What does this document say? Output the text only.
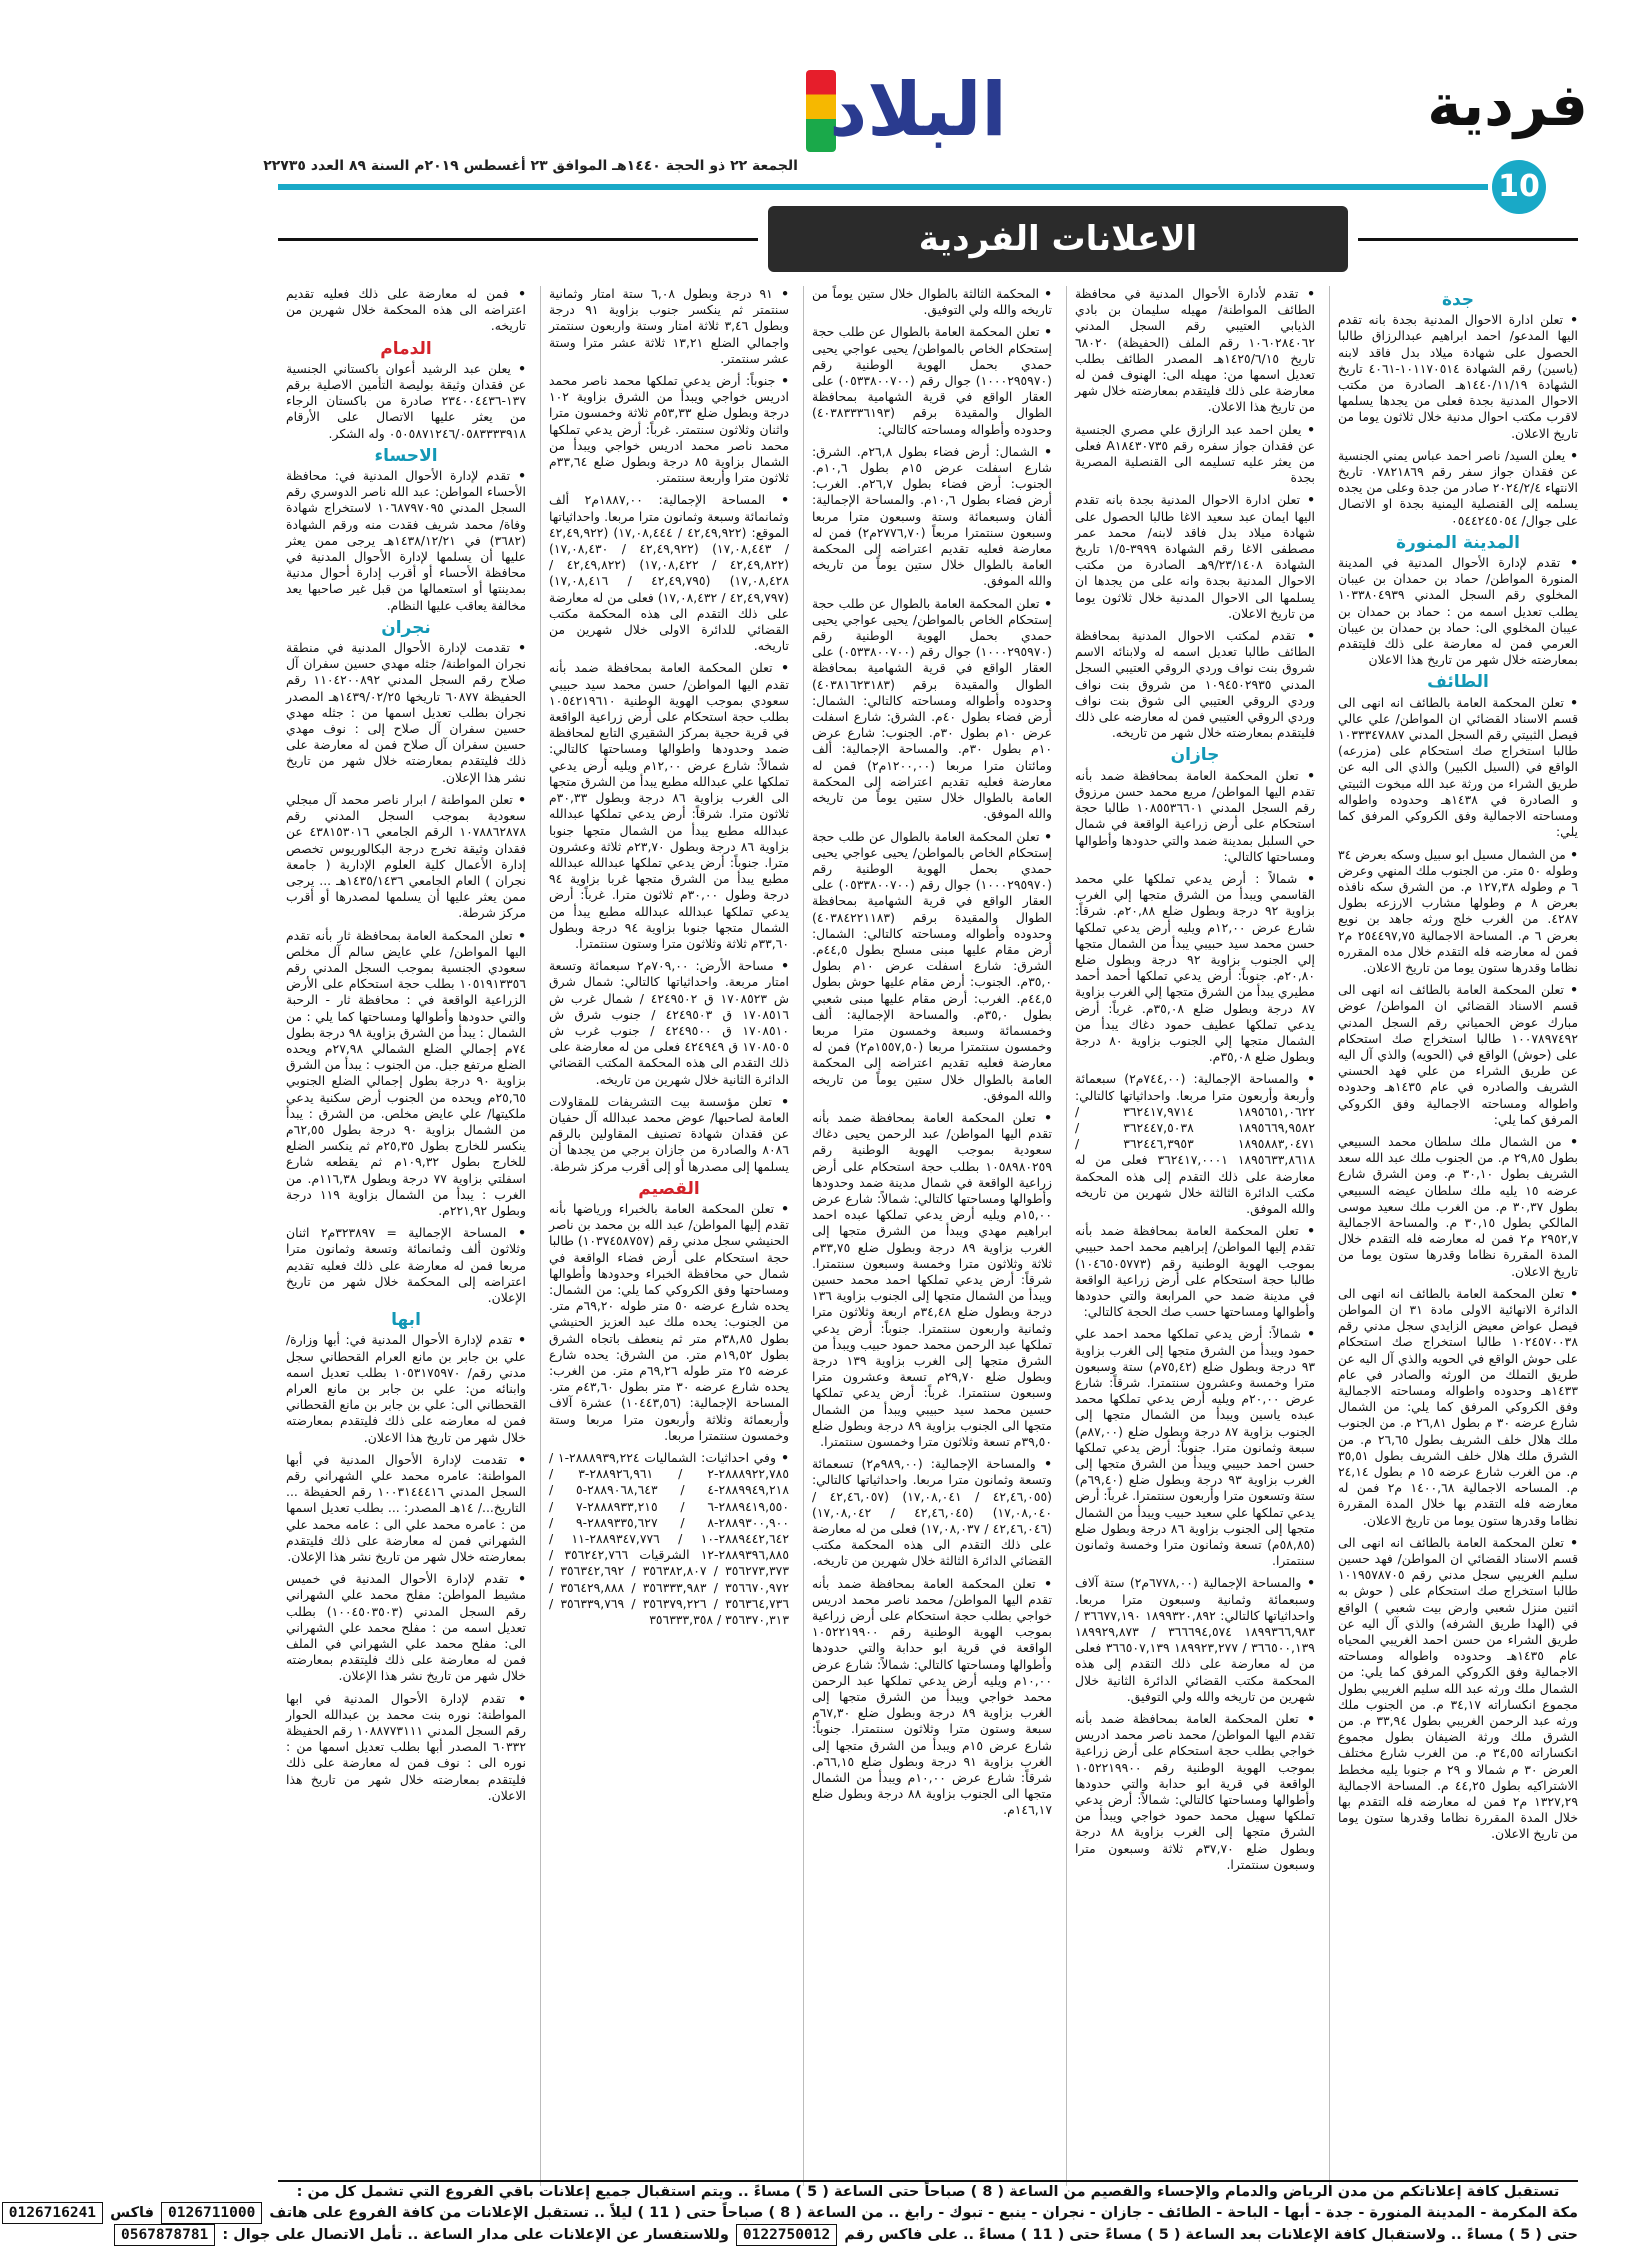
فردية
10
البلاد
الجمعة ٢٢ ذو الحجة ١٤٤٠هـ الموافق ٢٣ أغسطس ٢٠١٩م السنة ٨٩ العدد ٢٢٧٣٥
الاعلانات الفردية
جدة
• تعلن ادارة الاحوال المدنية بجدة بانه تقدم اليها المدعو/ احمد ابراهيم عبدالرزاق طالبا الحصول على شهادة ميلاد بدل فاقد لابنه (ياسين) رقم الشهادة ١٠١١٧٠٥١٤-٤٠٦١ تاريخ الشهادة ١٤٤٠/١١/١٩هـ الصادرة من مكتب الاحوال المدنية بجدة فعلى من يجدها يسلمها لاقرب مكتب احوال مدنية خلال ثلاثون يوما من تاريخ الاعلان.
• يعلن السيد/ ناصر احمد عباس يمني الجنسية عن فقدان جواز سفر رقم ٠٧٨٢١٨٦٩ تاريخ الانتهاء ٢٠٢٤/٢/٤ صادر من جدة وعلى من يجده يسلمه إلى القنصلية اليمنية بجدة او الاتصال على جوال/ ٠٥٤٤٢٤٥٠٥٤
المدينة المنورة
• تقدم لإدارة الأحوال المدنية في المدينة المنورة المواطن/ حماد بن حمدان بن عيبان المخلوي رقم السجل المدني ١٠٣٣٨٠٤٩٣٩ يطلب تعديل اسمه من : حماد بن حمدان بن عيبان المخلوي الى: حماد بن حمدان بن عيبان العرمي فمن له معارضة على ذلك فليتقدم بمعارضته خلال شهر من تاريخ هذا الاعلان
الطائف
• تعلن المحكمة العامة بالطائف انه انهى الى قسم الاسناد القضائي ان المواطن/ علي عالي فيصل الثبيتي رقم السجل المدني ١٠٣٣٣٤٧٨٨٧ طالبا استخراج صك استحكام على (مزرعه) الواقع في (السيل الكبير) والذي الى البه عن طريق الشراء من ورثة عبد الله مبخوت الثبيتي و الصادرة في ١٤٣٨هـ وحدوده واطواله ومساحته الاجمالية وفق الكروكي المرفق كما يلي:
• من الشمال مسيل ابو سبيل وسكه بعرض ٣٤ وطوله ٥٠ متر. من الجنوب ملك المنهي وعرض ٦ م وطوله ١٢٧,٣٨ م. من الشرق سكه نافذه بعرض ٨ م وطولها مشارب الارزعه بطول ٤٢٨٧. من الغرب خلج ورثه جاهد بن نويع بعرض ٦ م. المساحة الاجمالية ٢٥٤٤٩٧,٧٥ م٢ فمن له معارضه فله التقدم خلال مده المقرره نظاما وقدرها ستون يوما من تاريخ الاعلان.
• تعلن المحكمة العامة بالطائف انه انهى الى قسم الاسناد القضائي ان المواطن/ عوض مبارك عوض الحمياني رقم السجل المدني ١٠٠٧٨٩٧٤٩٢ طالبا استخراج صك استحكام على (حوش) الواقع في (الحويه) والذي آل اليه عن طريق الشراء من علي فهد الحسني الشريف والصادره في عام ١٤٣٥هـ وحدوده واطواله ومساحته الاجمالية وفق الكروكي المرفق كما يلي:
• من الشمال ملك سلطان محمد السبيعي بطول ٢٩,٨٥ م. من الجنوب ملك عبد الله سعد الشريف بطول ٣٠,١٠ م. ومن الشرق شارع عرضه ١٥ يليه ملك سلطان عيضه السبيعي بطول ٣٠,٣٧ م. من الغرب ملك سعيد موسى المالكي بطول ٣٠,١٥ م. والمساحة الاجمالية ٢٩٥٢,٧ م٢ فمن له معارضه فله التقدم خلال المدة المقررة نظاما وقدرها ستون يوما من تاريخ الاعلان.
• تعلن المحكمة العامة بالطائف انه انهى الى الدائرة الانهائية الاولى مادة ٣١ ان المواطن فيصل عواض معيض الزايدي سجل مدني رقم ١٠٢٤٥٧٠٠٣٨ طالبا استخراج صك استحكام على حوش الواقع في الحويه والذي آل اليه عن طريق التملك من الورثه والصادر في عام ١٤٣٣هـ وحدوده واطواله ومساحته الاجمالية وفق الكروكي المرفق كما يلي: من الشمال شارع عرضه ٣٠ م بطول ٢٦,٨١ م. من الجنوب ملك هلال خلف الشريف بطول ٢٦,٦٥ م. من الشرق ملك هلال خلف الشريف بطول ٣٥,٥١ م. من الغرب شارع عرضه ١٥ م بطول ٢٤,١٤ م. المساحه الاجمالية ١٤٠٠,٦٨ م٢ فمن له معارضه فله التقدم بها خلال المدة المقررة نظاما وقدرها ستون يوما من تاريخ الاعلان.
• تعلن المحكمة العامة بالطائف انه انهى الى قسم الاسناد القضائي ان المواطن/ فهد حسين سليم الغريبي سجل مدني رقم ١٠١٩٥٧٨٧٠٥ طالبا استخراج صك استحكام على ( حوش به اثنين منزل شعبي وارض بيت شعبي ) الواقع في (الهدا طريق الشرفه) والذي آل اليه عن طريق الشراء من حسن احمد الغريبي المحياه عام ١٤٣٥هـ وحدوده واطواله ومساحته الاجمالية وفق الكروكي المرفق كما يلي: من الشمال ملك ورثه عبد الله سليم الغريبي بطول مجموع انكساراته ٣٤,١٧ م. من الجنوب ملك ورثه عبد الرحمن الغريبي بطول ٣٣,٩٤ م. من الشرق ملك ورثة الضيفان بطول مجموع انكساراته ٣٤,٥٥ م. من الغرب شارع مختلف العرض ٣٠ م شمالا و ٢٩ م جنوبا يليه مخطط الاشتراكيه بطول ٤٤,٢٥ م. المساحة الاجمالية ١٣٢٧,٢٩ م٢ فمن له معارضه فله التقدم بها خلال المدة المقررة نظاما وقدرها ستون يوما من تاريخ الاعلان.
• تقدم لأدارة الأحوال المدنية في محافظة الطائف المواطنة/ مهيله سليمان بن بادي الذيابي العتيبي رقم السجل المدني ١٠٦٠٢٨٤٠٦٢ رقم الملف (الحفيظة) ٦٨٠٢٠ تاريخ ١٤٢٥/٦/١٥هـ المصدر الطائف بطلب تعديل اسمها من: مهيله الى: الهنوف فمن له معارضة على ذلك فليتقدم بمعارضته خلال شهر من تاريخ هذا الاعلان.
• يعلن احمد عبد الرازق علي مصري الجنسية عن فقدان جواز سفره رقم A١٨٤٣٠٧٣٥ فعلى من يعثر عليه تسليمه الى القنصلية المصرية بجدة
• تعلن ادارة الاحوال المدنية بجدة بانه تقدم اليها ايمان عبد سعيد الاغا طالبا الحصول على شهادة ميلاد بدل فاقد لابنه/ محمد عمر مصطفى الاغا رقم الشهادة ٣٩٩٩-١/٥ تاريخ الشهادة ٩/٢٣/١٤٠٨هـ الصادرة من مكتب الاحوال المدنية بجدة وانه على من يجدها ان يسلمها الى الاحوال المدنية خلال ثلاثون يوما من تاريخ الاعلان.
• تقدم لمكتب الاحوال المدنية بمحافظة الطائف طالبا تعديل اسمه له ولابنائه الاسم شروق بنت نواف وردي الروقي العتيبي السجل المدني ١٠٩٤٥٠٢٩٣٥ من شروق بنت نواف وردي الروقي العتيبي الى شوق بنت نواف وردي الروقي العتيبي فمن له معارضه على ذلك فليتقدم بمعارضته خلال شهر من تاريخه.
جازان
• تعلن المحكمة العامة بمحافظة ضمد بأنه تقدم اليها المواطن/ مريع محمد حسن مرزوق رقم السجل المدني ١٠٨٥٥٣٦٦٠١ طالبا حجة استحكام على أرض زراعية الواقعة في شمال حي السلبل بمدينة ضمد والتي حدودها وأطوالها ومساحتها كالتالي:
• شمالاً : أرض يدعي تملكها علي محمد القاسمي ويبدأ من الشرق متجها إلي الغرب بزاوية ٩٢ درجة وبطول ضلع ٢٠,٨٨م. شرقاً: شارع عرض ١٢,٠٠م ويليه أرض يدعي تملكها حسن محمد سيد حبيبي يبدأ من الشمال متجها إلي الجنوب بزاوية ٩٢ درجة وبطول ضلع ٢٠,٨٠م. جنوباً: أرض يدعي تملكها أحمد أحمد مطيري يبدأ من الشرق متجها إلي الغرب بزاوية ٨٧ درجة وبطول ضلع ٣٥,٠٨م. غرباً: أرض يدعي تملكها عطيف حمود دغاك يبدأ من الشمال متجها إلي الجنوب بزاوية ٨٠ درجة وبطول ضلع ٣٥,٠٨م.
• والمساحة الإجمالية: (٧٤٤,٠٠م٢) سبعمائة وأربعة وأربعون مترا مربعا. واحداثياتها كالتالي: ١٨٩٥٦٥١,٠٦٢٢ ٣٦٢٤١٧,٩٧١٤ / ١٨٩٥٦٦٩,٩٥٨٢ ٣٦٢٤٤٧,٥٠٣٨ / ١٨٩٥٨٨٣,٠٤٧١ ٣٦٢٤٤٦,٣٩٥٣ / ١٨٩٥٦٣٣,٨٦١٨ ٣٦٢٤١٧,٠٠٠١ فعلى من له معارضة على ذلك التقدم إلى هذه المحكمة مكتب الدائرة الثالثة خلال شهرين من تاريخه والله الموفق.
• تعلن المحكمة العامة بمحافظة ضمد بأنه تقدم إليها المواطن/ إبراهيم محمد احمد حبيبي بموجب الهوية الوطنية رقم (١٠٤٦٥٠٥٧٧٣) طالبا حجة استحكام على أرض زراعية الواقعة في مدينة ضمد حي المرابعة والتي حدودها وأطوالها ومساحتها حسب صك الحجة كالتالي:
• شمالاً: أرض يدعي تملكها محمد احمد علي حمود ويبدأ من الشرق متجها إلى الغرب بزاوية ٩٣ درجة وبطول ضلع (٧٥,٤٢م) ستة وسبعون مترا وخمسة وعشرون سنتمترا. شرقاً: شارع عرض ٢٠,٠٠م ويليه أرض يدعي تملكها محمد عبده ياسين ويبدأ من الشمال متجها إلى الجنوب بزاوية ٨٧ درجة وبطول ضلع (٨٧,٠٠م) سبعة وثمانون مترا. جنوباً: أرض يدعي تملكها حسن احمد حبيبي ويبدأ من الشرق متجها إلى الغرب بزاوية ٩٣ درجة وبطول ضلع (٦٩,٤٠م) ستة وتسعون مترا وأربعون سنتمترا. غرباً: أرض يدعي تملكها علي سعيد حبيب ويبدأ من الشمال متجها إلى الجنوب بزاوية ٨٦ درجة وبطول ضلع (٥٨,٨٥م) تسعة وثمانون مترا وخمسة وثمانون سنتمترا.
• والمساحة الإجمالية (٦٧٧٨,٠٠م٢) ستة آلاف وسبعمائة وثمانية وسبعون مترا مربعا. واحداثياتها كالتالي: ١٨٩٩٣٢٠,٨٩٢ ٣٦٦٧٧,١٩٠ / ١٨٩٩٣٦٦,٩٨٣ ٣٦٦٦٩٤,٥٧٤ / ١٨٩٩٢٩,٨٧٣ ٣٦٦٥٠٠,١٣٩ / ١٨٩٩٢٣,٢٧٧ ٣٦٦٥٠٧,١٣٩ فعلى من له معارضة على ذلك التقدم إلى هذه المحكمة مكتب القضائي الدائرة الثانية خلال شهرين من تاريخه والله ولي التوفيق.
• تعلن المحكمة العامة بمحافظة ضمد بأنه تقدم اليها المواطن/ محمد ناصر محمد ادريس خواجي بطلب حجة استحكام على أرض زراعية بموجب الهوية الوطنية رقم ١٠٥٢٢١٩٩٠٠ الواقعة في قرية ابو حدابة والتي حدودها وأطوالها ومساحتها كالتالي: شمالاً: أرض يدعي تملكها سهيل محمد حمود خواجي ويبدأ من الشرق متجها إلى الغرب بزاوية ٨٨ درجة وبطول ضلع ٣٧,٧٠م ثلاثة وسبعون مترا وسبعون سنتمترا.
• المحكمة الثالثة بالطوال خلال ستين يوماً من تاريخه والله ولي التوفيق.
• تعلن المحكمة العامة بالطوال عن طلب حجة إستحكام الخاص بالمواطن/ يحيى عواجي يحيى حمدي بحمل الهوية الوطنية رقم (١٠٠٠٢٩٥٩٧٠) جوال رقم (٠٥٣٣٨٠٠٧٠٠) على العقار الواقع في قرية الشهامية بمحافظة الطوال والمقيدة برقم (٤٠٣٨٣٣٣٦١٩٣) وحدوده وأطواله ومساحته كالتالي:
• الشمال: أرض فضاء بطول ٢٦,٨م. الشرق: شارع اسفلت عرض ١٥م بطول ١٠,٦م. الجنوب: أرض فضاء بطول ٢٦,٧م. الغرب: أرض فضاء بطول ١٠,٦م. والمساحة الإجمالية: ألفان وسبعمائة وستة وسبعون مترا مربعا وسبعون سنتمترا مربعاً (٢٧٧٦,٧٠م٢) فمن له معارضة فعليه تقديم اعتراضه إلى المحكمة العامة بالطوال خلال ستين يوماً من تاريخه والله الموفق.
• تعلن المحكمة العامة بالطوال عن طلب حجة إستحكام الخاص بالمواطن/ يحيى عواجي يحيى حمدي بحمل الهوية الوطنية رقم (١٠٠٠٢٩٥٩٧٠) جوال رقم (٠٥٣٣٨٠٠٧٠٠) على العقار الواقع في قرية الشهامية بمحافظة الطوال والمقيدة برقم (٤٠٣٨١٦٢٣١٨٣) وحدوده وأطواله ومساحته كالتالي: الشمال: أرض فضاء بطول ٤٠م. الشرق: شارع اسفلت عرض ١٠م بطول ٣٠م. الجنوب: شارع عرض ١٠م بطول ٣٠م. والمساحة الإجمالية: ألف ومائتان مترا مربعا (١٢٠٠,٠٠م٢) فمن له معارضة فعليه تقديم اعتراضه إلى المحكمة العامة بالطوال خلال ستين يوماً من تاريخه والله الموفق.
• تعلن المحكمة العامة بالطوال عن طلب حجة إستحكام الخاص بالمواطن/ يحيى عواجي يحيى حمدي بحمل الهوية الوطنية رقم (١٠٠٠٢٩٥٩٧٠) جوال رقم (٠٥٣٣٨٠٠٧٠٠) على العقار الواقع في قرية الشهامية بمحافظة الطوال والمقيدة برقم (٤٠٣٨٤٢٢١١٨٣) وحدوده وأطواله ومساحته كالتالي: الشمال: أرض مقام عليها مبنى مسلح بطول ٤٤,٥م. الشرق: شارع اسفلت عرض ١٠م بطول ٣٥,٠م. الجنوب: أرض مقام عليها حوش بطول ٤٤,٥م. الغرب: أرض مقام عليها مبنى شعبي بطول ٣٥,٠م. والمساحة الإجمالية: ألف وخمسمائة وسبعة وخمسون مترا مربعا وخمسون سنتمترا مربعا (١٥٥٧,٥٠م٢) فمن له معارضة فعليه تقديم اعتراضه إلى المحكمة العامة بالطوال خلال ستين يوماً من تاريخه والله الموفق.
• تعلن المحكمة العامة بمحافظة ضمد بأنه تقدم اليها المواطن/ عبد الرحمن يحيى دغاك سعودية بموجب الهوية الوطنية رقم ١٠٥٨٩٨٠٢٥٩ بطلب حجة استحكام على أرض زراعية الواقعة في شمال مدينة ضمد وحدودها وأطوالها ومساحتها كالتالي: شمالاً: شارع عرض ١٥,٠٠م ويليه أرض يدعي تملكها عبده احمد ابراهيم مهدي ويبدأ من الشرق متجها إلى الغرب بزاوية ٨٩ درجة وبطول ضلع ٣٣,٧٥م ثلاثة وثلاثون مترا وخمسة وسبعون سنتمترا. شرقاً: أرض يدعي تملكها احمد محمد حسين ويبدأ من الشمال متجها إلى الجنوب بزاوية ١٣٦ درجة وبطول ضلع ٣٤,٤٨م اربعة وثلاثون مترا وثمانية واربعون سنتمترا. جنوباً: أرض يدعي تملكها عبد الرحمن محمد حمود حبيب ويبدأ من الشرق متجها إلى الغرب بزاوية ١٣٩ درجة وبطول ضلع ٢٩,٧٠م تسعة وعشرون مترا وسبعون سنتمترا. غرباً: أرض يدعي تملكها حسين محمد سيد حبيبي ويبدأ من الشمال متجها الى الجنوب بزاوية ٨٩ درجة وبطول ضلع ٣٩,٥٠م تسعة وثلاثون مترا وخمسون سنتمترا.
• والمساحة الإجمالية: (٩٨٩,٠٠م٢) تسعمائة وتسعة وثمانون مترا مربعا. واحداثياتها كالتالي: (٤٢,٤٦,٠٥٥ / ١٧,٠٨,٠٤١) (٤٢,٤٦,٠٥٧ / ١٧,٠٨,٠٤٠) (٤٢,٤٦,٠٤٥ / ١٧,٠٨,٠٤٢) (٤٢,٤٦,٠٤٦ / ١٧,٠٨,٠٣٧) فعلى من له معارضة على ذلك التقدم الى هذه المحكمة مكتب القضائي الدائرة الثالثة خلال شهرين من تاريخه.
• تعلن المحكمة العامة بمحافظة ضمد بأنه تقدم اليها المواطن/ محمد ناصر محمد ادريس خواجي بطلب حجة استحكام على أرض زراعية بموجب الهوية الوطنية رقم ١٠٥٢٢١٩٩٠٠ الواقعة في قرية ابو حدابة والتي حدودها وأطوالها ومساحتها كالتالي: شمالاً: شارع عرض ١٠,٠٠م ويليه أرض يدعي تملكها عبد الرحمن محمد خواجي ويبدأ من الشرق متجها إلى الغرب بزاوية ٨٩ درجة وبطول ضلع ٦٧,٣٠م سبعة وستون مترا وثلاثون سنتمترا. جنوباً: شارع عرض ١٥م ويبدأ من الشرق متجها إلى الغرب بزاوية ٩١ درجة وبطول ضلع ٦٦,١٥م. شرقاً: شارع عرض ١٠,٠٠م ويبدأ من الشمال متجها الى الجنوب بزاوية ٨٨ درجة وبطول ضلع ١٤٦,١٧م.
• ٩١ درجة وبطول ٦,٠٨ ستة امتار وثمانية سنتمتر ثم ينكسر جنوب بزاوية ٩١ درجة وبطول ٣,٤٦ ثلاثة امتار وستة واربعون سنتمتر واجمالي الضلع ١٣,٢١ ثلاثة عشر مترا وستة عشر سنتمتر.
• جنوباً: أرض يدعي تملكها محمد ناصر محمد ادريس خواجي ويبدأ من الشرق بزاوية ١٠٢ درجة وبطول ضلع ٥٣,٣٣م ثلاثة وخمسون مترا واثنان وثلاثون سنتمتر. غرباً: أرض يدعي تملكها محمد ناصر محمد ادريس خواجي ويبدأ من الشمال بزاوية ٨٥ درجة وبطول ضلع ٣٣,٦٤م ثلاثون مترا وأربعة سنتمتر.
• المساحة الإجمالية: ١٨٨٧,٠٠م٢ ألف وثمانمائة وسبعة وثمانون مترا مربعا. واحداثياتها الموقع: (٤٢,٤٩,٩٢٢ / ١٧,٠٨,٤٤٤) (٤٢,٤٩,٩٢٢ / ١٧,٠٨,٤٤٣) (٤٢,٤٩,٩٢٢ / ١٧,٠٨,٤٣٠) (٤٢,٤٩,٨٢٢ / ١٧,٠٨,٤٢٢) (٤٢,٤٩,٨٢٢ / ١٧,٠٨,٤٢٨) (٤٢,٤٩,٧٩٥ / ١٧,٠٨,٤١٦) (٤٢,٤٩,٧٩٧ / ١٧,٠٨,٤٣٢) فعلى من له معارضة على ذلك التقدم الى هذه المحكمة مكتب القضائي للدائرة الاولى خلال شهرين من تاريخه.
• تعلن المحكمة العامة بمحافظة ضمد بأنه تقدم اليها المواطن/ حسن محمد سيد حبيبي سعودي بموجب الهوية الوطنية ١٠٥٤٢١٩٦١٠ بطلب حجة استحكام على أرض زراعية الواقعة في قرية حجية بمركز الشقيري التابع لمحافظة ضمد وحدودها واطوالها ومساحتها كالتالي: شمالاً: شارع عرض ١٢,٠٠م ويليه أرض يدعي تملكها علي عبدالله مطبع يبدأ من الشرق متجها الى الغرب بزاوية ٨٦ درجة وبطول ٣٠,٣٣م ثلاثون مترا. شرقاً: أرض يدعي تملكها عبدالله عبدالله مطبع يبدأ من الشمال متجها جنوبا بزاوية ٨٦ درجة وبطول ٢٣,٧٠م ثلاثة وعشرون مترا. جنوباً: أرض يدعي تملكها عبدالله عبدالله مطبع يبدأ من الشرق متجها غربا بزاوية ٩٤ درجة وطول ٣٠,٠٠م ثلاثون مترا. غرباً: أرض يدعي تملكها عبدالله عبدالله مطبع يبدأ من الشمال متجها جنوبا بزاوية ٩٤ درجة وبطول ٣٣,٦٠م ثلاثة وثلاثون مترا وستون سنتمترا.
• مساحة الأرض: ٧٠٩,٠٠م٢ سبعمائة وتسعة امتار مربعة. واحداثياتها كالتالي: شمال شرق ش ١٧٠٨٥٢٣ ق ٤٢٤٩٥٠٢ / شمال غرب ش ١٧٠٨٥١٦ ق ٤٢٤٩٥٠٣ / جنوب شرق ش ١٧٠٨٥١٠ ق ٤٢٤٩٥٠٠ / جنوب غرب ش ١٧٠٨٥٠٥ ق ٤٢٤٩٤٩ فعلى من له معارضة على ذلك التقدم الى هذه المحكمة المكتب القضائي الدائرة الثانية خلال شهرين من تاريخه.
• تعلن مؤسسة بيت التشريفات للمقاولات العامة لصاحبها/ عوض محمد عبدالله آل حفيان عن فقدان شهادة تصنيف المقاولين بالرقم ٨٠٨٦ والصادرة من جازان برجي من يجدها أن يسلمها إلى مصدرها أو إلى أقرب مركز شرطة.
القصيم
• تعلن المحكمة العامة بالخبراء ورياضها بأنه تقدم إليها المواطن/ عبد الله بن محمد بن ناصر الحنيشي سجل مدني رقم (١٠٣٧٤٥٨٧٥٧) طالبا حجة استحكام على أرض فضاء الواقعة في شمال حي محافظة الخبراء وحدودها وأطوالها ومساحتها وفق الكروكي كما يلي: من الشمال: يحده شارع عرضه ٥٠ متر طوله ٦٩,٢٠م متر. من الجنوب: يحده ملك عبد العزيز الحنيشي بطول ٣٨,٨٥م متر ثم ينعطف باتجاه الشرق بطول ١٩,٥٢م متر. من الشرق: يحده شارع عرضه ٢٥ متر طوله ٦٩,٢٦م متر. من الغرب: يحده شارع عرضه ٣٠ متر بطول ٤٣,٦٠م متر. المساحة الإجمالية: (١٠٤٤٣,٥٦) عشرة آلاف وأربعمائة وثلاثة وأربعون مترا مربعا وستة وخمسون سنتمترا مربعا.
• وفي احداثيات: الشماليات ٢٨٨٨٩٣٩,٢٢٤-١ / ٢٨٨٨٩٢٢,٧٨٥-٢ / ٢٨٨٩٢٦,٩٦١-٣ / ٢٨٨٩٩٤٩,٢١٨-٤ / ٢٨٨٩٠٦٨,٦٤٣-٥ / ٢٨٨٩٤١٩,٥٥٠-٦ / ٢٨٨٨٩٣٣,٢١٥-٧ / ٢٨٨٩٣٠٠,٩٠٠-٨ / ٢٨٨٩٣٣٥,٦٢٧-٩ / ٢٨٨٩٤٤٢,٦٤٢-١٠ / ٢٨٨٩٣٤٧,٧٧٦-١١ / ٢٨٨٩٣٩٦,٨٨٥-١٢ الشرقيات ٣٥٦٢٤٢,٧٦٦ / ٣٥٦٢٧٣,٣٧٣ / ٣٥٦٣٨٢,٨٠٧ / ٣٥٦٣٤٢,٦٩٢ / ٣٥٦٦٧٠,٩٧٢ / ٣٥٦٣٣٣,٩٨٣ / ٣٥٦٤٢٩,٨٨٨ / ٣٥٦٣٦٤,٧٣٦ / ٣٥٦٣٧٩,٢٢٦ / ٣٥٦٣٣٩,٧٦٩ / ٣٥٦٣٧٠,٣١٣ / ٣٥٦٣٣٣,٣٥٨
• فمن له معارضة على ذلك فعليه تقديم اعتراضه الى هذه المحكمة خلال شهرين من تاريخه.
الدمام
• يعلن عبد الرشيد أعوان باكستاني الجنسية عن فقدان وثيقة بوليصة التأمين الاصلية برقم ١٣٧-٢٣٤٠٠٤٤٣٦ صادرة من باكستان الرجاء من يعثر عليها الاتصال على الأرقام ٠٥٠٥٨٧١٢٤٦/٠٥٨٣٣٣٣٩١٨ وله الشكر.
الاحساء
• تقدم لإدارة الأحوال المدنية في: محافظة الأحساء المواطن: عبد الله ناصر الدوسري رقم السجل المدني ١٠٦٨٧٩٧٠٩٥ لاستخراج شهادة وفاة/ محمد شريف فقدت منه ورقم الشهادة (٣٦٨٢) في ١٤٣٨/١٢/٢١هـ يرجى ممن يعثر عليها أن يسلمها لإدارة الأحوال المدنية في محافظة الأحساء أو أقرب إدارة أحوال مدنية بمدينتها أو استعمالها من قبل غير صاحبها يعد مخالفة يعاقب عليها النظام.
نجران
• تقدمت لإدارة الأحوال المدنية في منطقة نجران المواطنة/ جثله مهدي حسين سفران آل صلاح رقم السجل المدني ١١٠٤٢٠٠٨٩٢ رقم الحفيظة ٦٠٨٧٧ تاريخها ١٤٣٩/٠٢/٢٥هـ المصدر نجران بطلب تعديل اسمها من : جثله مهدي حسين سفران آل صلاح إلى : نوف مهدي حسين سفران آل صلاح فمن له معارضة على ذلك فليتقدم بمعارضته خلال شهر من تاريخ نشر هذا الإعلان.
• تعلن المواطنة / ابرار ناصر محمد آل مبجلي سعودية بموجب السجل المدني رقم ١٠٧٨٨٦٢٨٧٨ الرقم الجامعي ٤٣٨١٥٣٠١٦ عن فقدان وثيقة تخرج درجة البكالوريوس تخصص إدارة الأعمال كلية العلوم الإدارية ( جامعة نجران ) العام الجامعي ١٤٣٥/١٤٣٦هـ ... يرجى ممن يعثر عليها أن يسلمها لمصدرها أو أقرب مركز شرطة.
• تعلن المحكمة العامة بمحافظة ثار بأنه تقدم اليها المواطن/ علي عايض سالم آل مخلص سعودي الجنسية بموجب السجل المدني رقم ١٠٥١٩١٣٣٥٦ بطلب حجة استحكام على الأرض الزراعية الواقعة في : محافظة ثار - الرحبة والتي حدودها وأطوالها ومساحتها كما يلي : من الشمال : يبدأ من الشرق بزاوية ٩٨ درجة بطول ٧٤م إجمالي الضلع الشمالي ٢٧,٩٨م ويحده الضلع مرتفع جبل. من الجنوب : يبدأ من الشرق بزاوية ٩٠ درجة بطول إجمالي الضلع الجنوبي ٢٥,٦٥م ويحده من الجنوب أرض سكنية يدعي ملكيتها/ علي عايض مخلص. من الشرق : يبدأ من الشمال بزاوية ٩٠ درجة بطول ٦٢,٥٥م ينكسر للخارج بطول ٢٥,٣٥م ثم ينكسر الضلع للخارج بطول ١٠٩,٣٢م ثم يقطعه شارع اسفلتي بزاوية ٧٧ درجة وبطول ١١٦,٣٨م. من الغرب : يبدأ من الشمال بزاوية ١١٩ درجة وبطول ٢٢١,٩٢م.
• المساحة الإجمالية = ٣٢٣٨٩٧م٢ اثنان وثلاثون ألف وثمانمائة وتسعة وثمانون مترا مربعا فمن له معارضة على ذلك فعليه تقديم اعتراضه إلى المحكمة خلال شهر من تاريخ الإعلان.
ابها
• تقدم لإدارة الأحوال المدنية في: أبها وزارة/ علي بن جابر بن مانع العرام القحطاني سجل مدني رقم/ ١٠٥٣١٧٥٩٧٠ بطلب تعديل اسمه وابنائه من: علي بن جابر بن مانع العرام القحطاني الى: علي بن جابر بن مانع القحطاني فمن له معارضه على ذلك فليتقدم بمعارضته خلال شهر من تاريخ هذا الاعلان.
• تقدمت لإدارة الأحوال المدنية في أبها المواطنة: عامره محمد علي الشهراني رقم السجل المدني ١٠٠٣١٤٤٤١٦ رقم الحفيظة ... التاريخ.../ ١٤هـ المصدر: ... بطلب تعديل اسمها من : عامره محمد علي الى : عامه محمد علي الشهراني فمن له معارضة على ذلك فليتقدم بمعارضته خلال شهر من تاريخ نشر هذا الإعلان.
• تقدم لإدارة الأحوال المدنية في خميس مشيط المواطن: مفلح محمد علي الشهراني رقم السجل المدني (١٠٠٤٥٠٣٥٠٣) بطلب تعديل اسمه من : مفلح محمد علي الشهراني الى: مفلح محمد علي الشهراني في الملف فمن له معارضة على ذلك فليتقدم بمعارضته خلال شهر من تاريخ نشر هذا الإعلان.
• تقدم لإدارة الأحوال المدنية في ابها المواطنة: نوره بنت محمد بن عبدالله الحوار رقم السجل المدني ١٠٨٨٧٧٣١١١ رقم الحفيظة ٦٠٣٣٢ المصدر أبها بطلب تعديل اسمها من : نوره الى : نوف فمن له معارضة على ذلك فليتقدم بمعارضته خلال شهر من تاريخ هذا الاعلان.
تستقبل كافة إعلاناتكم من مدن الرياض والدمام والإحساء والقصيم من الساعة ( 8 ) صباحاً حتى الساعة ( 5 ) مساءً .. ويتم استقبال جميع إعلانات باقي الفروع التي تشمل كل من :
مكة المكرمة - المدينة المنورة - جدة - أبها - الباحة - الطائف - جازان - نجران - ينبع - تبوك - رابغ .. من الساعة ( 8 ) صباحاً حتى ( 11 ) ليلاً .. تستقبل الإعلانات من كافة الفروع على هاتف 0126711000 فاكس 0126716241
حتى ( 5 ) مساءً .. ولاستقبال كافة الإعلانات بعد الساعة ( 5 ) مساءً حتى ( 11 ) مساءً .. على فاكس رقم 0122750012 وللاستفسار عن الإعلانات على مدار الساعة .. تأمل الاتصال على جوال : 0567878781
